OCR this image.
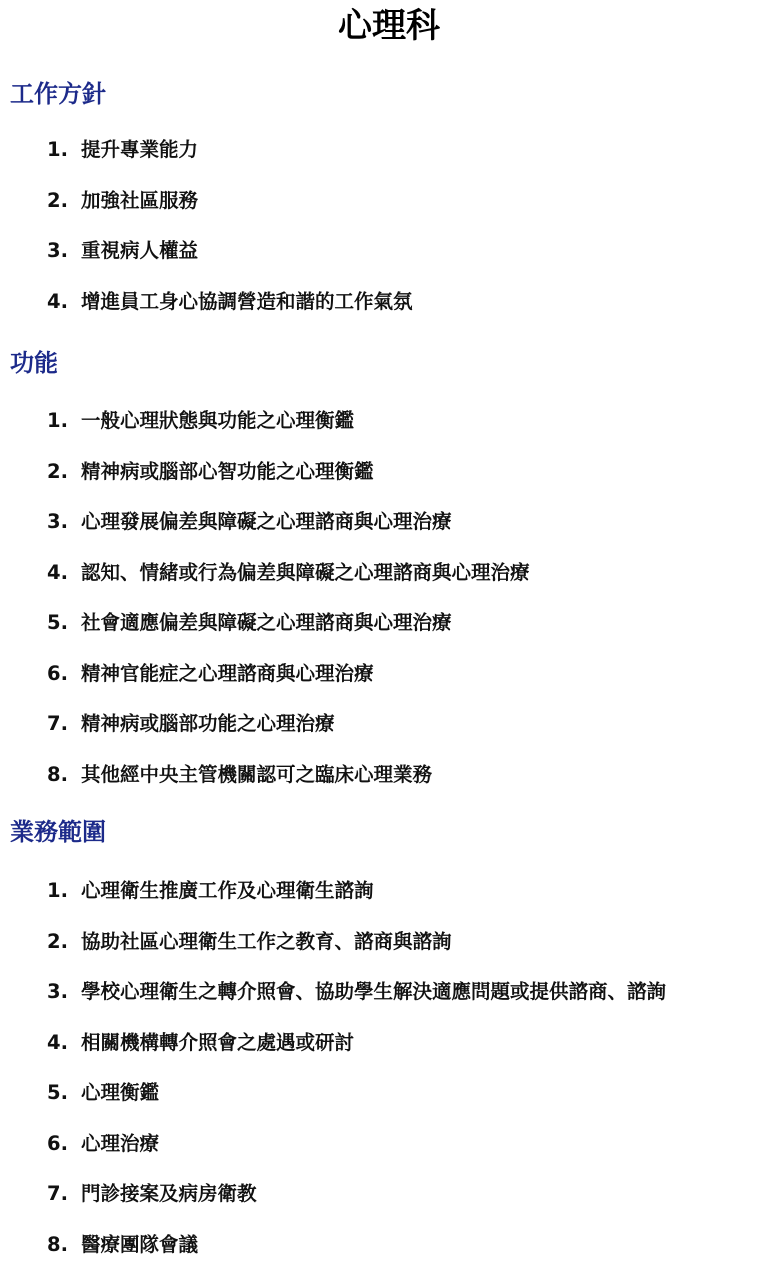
心理科
工作方針
1. 提升專業能力
2. 加強社區服務
3. 重視病人權益
4. 增進員工身心協調營造和諧的工作氣氛
功能
1. 一般心理狀態與功能之心理衡鑑
2. 精神病或腦部心智功能之心理衡鑑
3. 心理發展偏差與障礙之心理諮商與心理治療
4. 認知、情緒或行為偏差與障礙之心理諮商與心理治療
5. 社會適應偏差與障礙之心理諮商與心理治療
6. 精神官能症之心理諮商與心理治療
7. 精神病或腦部功能之心理治療
8. 其他經中央主管機關認可之臨床心理業務
業務範圍
1. 心理衛生推廣工作及心理衛生諮詢
2. 協助社區心理衛生工作之教育、諮商與諮詢
3. 學校心理衛生之轉介照會、協助學生解決適應問題或提供諮商、諮詢
4. 相關機構轉介照會之處遇或研討
5. 心理衡鑑
6. 心理治療
7. 門診接案及病房衛教
8. 醫療團隊會議
